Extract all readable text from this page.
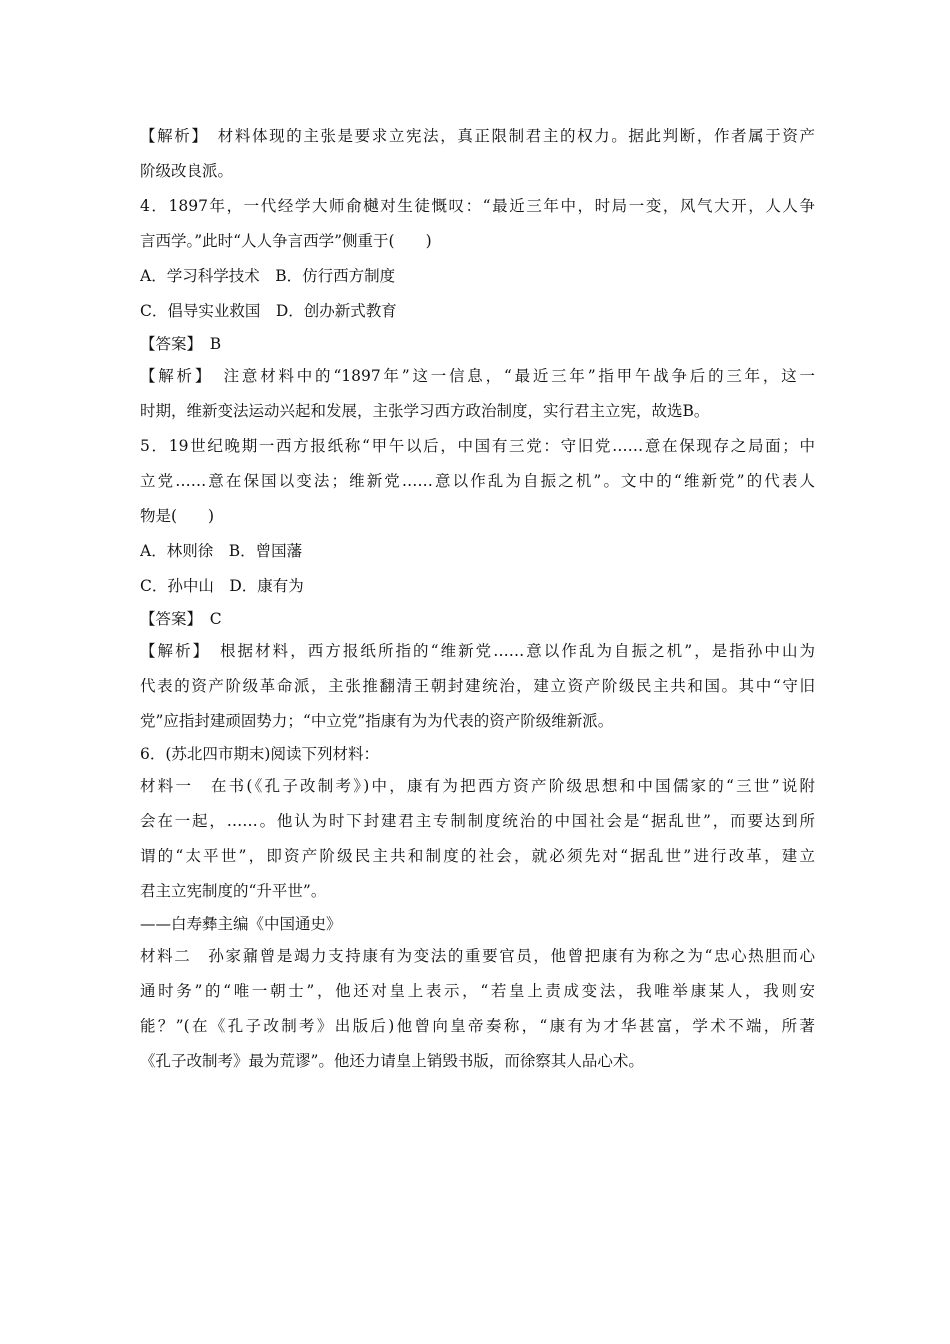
【解析】　材料体现的主张是要求立宪法，真正限制君主的权力。据此判断，作者属于资产
阶级改良派。
4．1897年，一代经学大师俞樾对生徒慨叹：“最近三年中，时局一变，风气大开，人人争
言西学。”此时“人人争言西学”侧重于(　　)
A．学习科学技术　B．仿行西方制度
C．倡导实业救国　D．创办新式教育
【答案】　B
【解析】　注意材料中的“1897年”这一信息，“最近三年”指甲午战争后的三年，这一
时期，维新变法运动兴起和发展，主张学习西方政治制度，实行君主立宪，故选B。
5．19世纪晚期一西方报纸称“甲午以后，中国有三党：守旧党……意在保现存之局面；中
立党……意在保国以变法；维新党……意以作乱为自振之机”。文中的“维新党”的代表人
物是(　　)
A．林则徐　B．曾国藩
C．孙中山　D．康有为
【答案】　C
【解析】　根据材料，西方报纸所指的“维新党……意以作乱为自振之机”，是指孙中山为
代表的资产阶级革命派，主张推翻清王朝封建统治，建立资产阶级民主共和国。其中“守旧
党”应指封建顽固势力；“中立党”指康有为为代表的资产阶级维新派。
6．(苏北四市期末)阅读下列材料：
材料一　在书(《孔子改制考》)中，康有为把西方资产阶级思想和中国儒家的“三世”说附
会在一起，……。他认为时下封建君主专制制度统治的中国社会是“据乱世”，而要达到所
谓的“太平世”，即资产阶级民主共和制度的社会，就必须先对“据乱世”进行改革，建立
君主立宪制度的“升平世”。
——白寿彝主编《中国通史》
材料二　孙家鼐曾是竭力支持康有为变法的重要官员，他曾把康有为称之为“忠心热胆而心
通时务”的“唯一朝士”，他还对皇上表示，“若皇上责成变法，我唯举康某人，我则安
能？”(在《孔子改制考》出版后)他曾向皇帝奏称，“康有为才华甚富，学术不端，所著
《孔子改制考》最为荒谬”。他还力请皇上销毁书版，而徐察其人品心术。
